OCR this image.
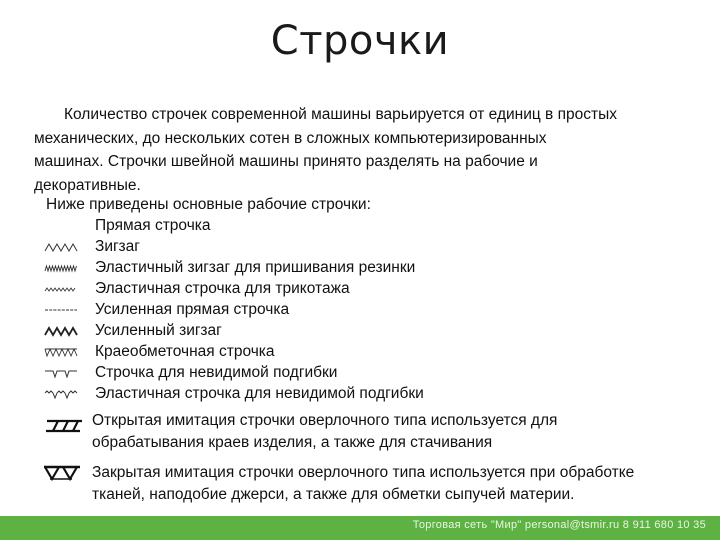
Строчки
Количество строчек современной машины варьируется от единиц в простых
механических, до нескольких сотен в сложных компьютеризированных
машинах. Строчки швейной машины принято разделять на рабочие и
декоративные.
Ниже приведены основные рабочие строчки:
Прямая строчка
Зигзаг
Эластичный зигзаг для пришивания резинки
Эластичная строчка для трикотажа
Усиленная прямая строчка
Усиленный зигзаг
Краеобметочная строчка
Строчка для невидимой подгибки
Эластичная строчка для невидимой подгибки
Открытая имитация строчки оверлочного типа используется для
обрабатывания краев изделия, а также для стачивания
Закрытая имитация строчки оверлочного типа используется при обработке
тканей, наподобие джерси, а также для обметки сыпучей материи.
Торговая сеть "Мир" personal@tsmir.ru 8 911 680 10 35
